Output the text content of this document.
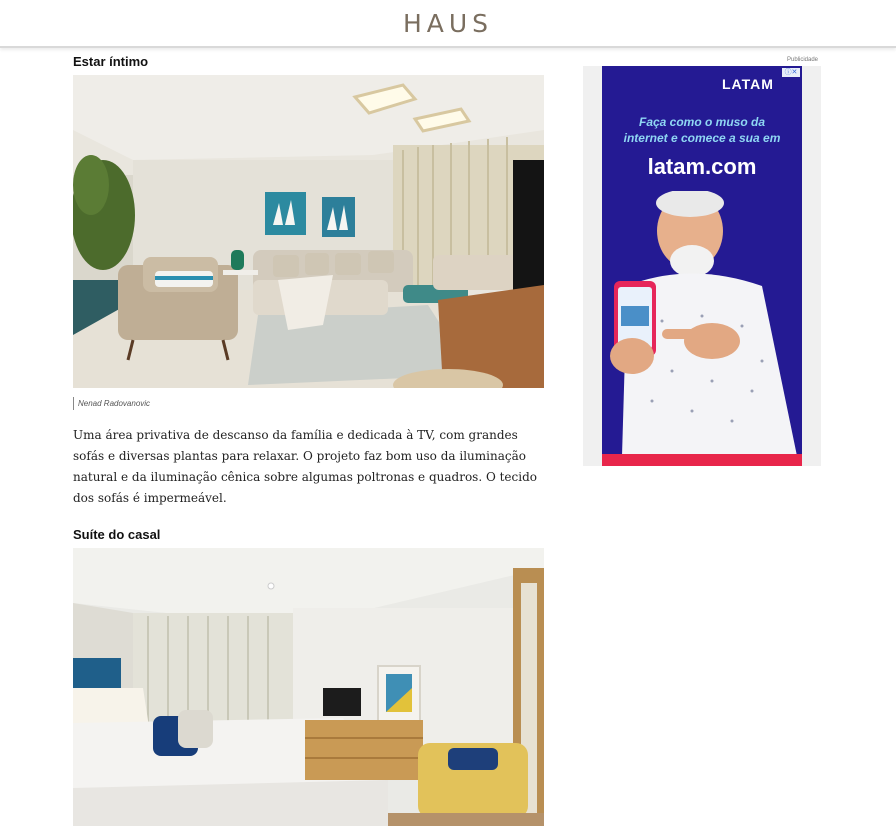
HAUS
Estar íntimo
Nenad Radovanovic

Uma área privativa de descanso da família e dedicada à TV, com grandes sofás e diversas plantas para relaxar. O projeto faz bom uso da iluminação natural e da iluminação cênica sobre algumas poltronas e quadros. O tecido dos sofás é impermeável.

Suíte do casal
Publicidade
ⓘ✕
LATAM
Faça como o muso da
internet e comece a sua em
latam.com
